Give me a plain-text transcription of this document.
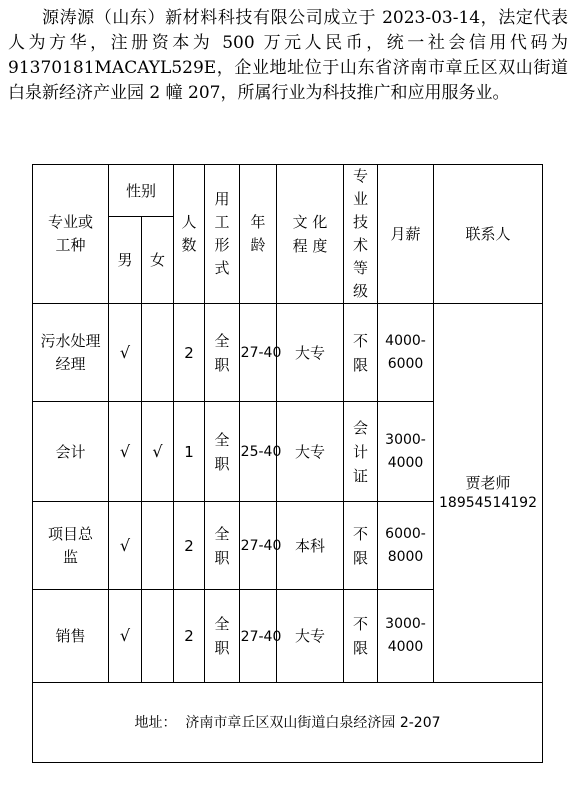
源涛源（山东）新材料科技有限公司成立于 2023-03-14，法定代表人为方华，注册资本为 500 万元人民币，统一社会信用代码为 91370181MACAYL529E，企业地址位于山东省济南市章丘区双山街道白泉新经济产业园 2 幢 207，所属行业为科技推广和应用服务业。

专业或工种	性别		人数	用工形式	年龄	文 化 程 度	专业技术等级	月薪	联系人
	男	女							
污水处理经理	√		2	全职	27-40	大专	不限	4000-6000	贾老师
18954514192

会计	√	√	1	全职	25-40	大专	会计证	3000-4000	
项目总监	√		2	全职	27-40	本科	不限	6000-8000	
销售	√		2	全职	27-40	大专	不限	3000-4000	
地址： 济南市章丘区双山街道白泉经济园 2-207									
